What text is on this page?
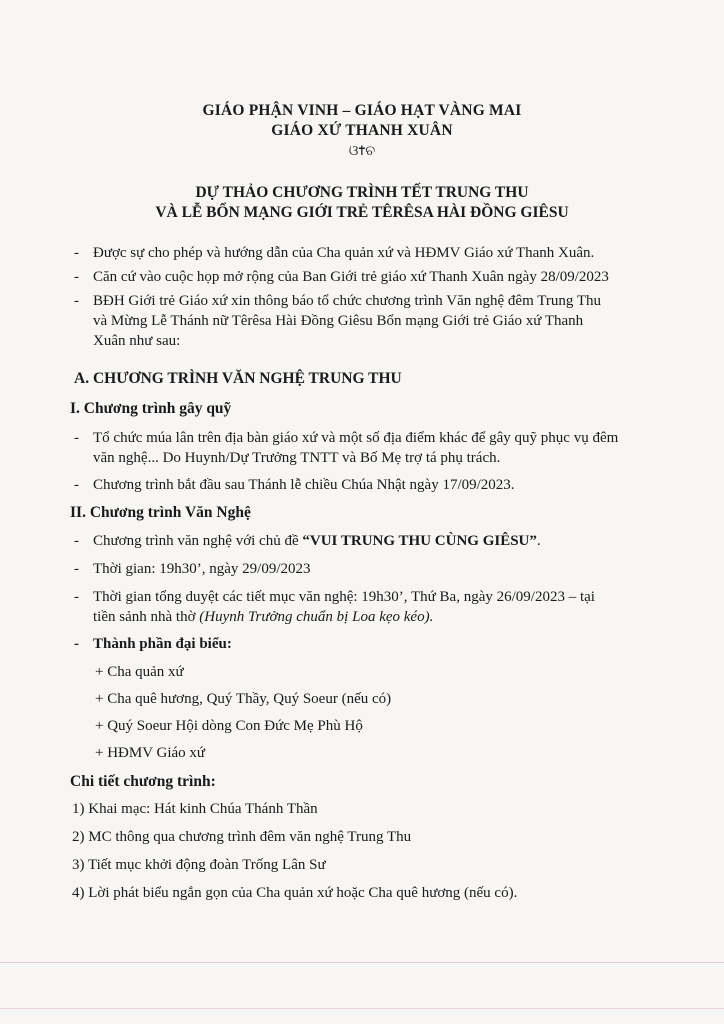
GIÁO PHẬN VINH – GIÁO HẠT VÀNG MAI
GIÁO XỨ THANH XUÂN
ଓ✝ଚ
DỰ THẢO CHƯƠNG TRÌNH TẾT TRUNG THU
VÀ LỄ BỔN MẠNG GIỚI TRẺ TÊRÊSA HÀI ĐỒNG GIÊSU
- Được sự cho phép và hướng dẫn của Cha quản xứ và HĐMV Giáo xứ Thanh Xuân.
- Căn cứ vào cuộc họp mở rộng của Ban Giới trẻ giáo xứ Thanh Xuân ngày 28/09/2023
- BĐH Giới trẻ Giáo xứ xin thông báo tổ chức chương trình Văn nghệ đêm Trung Thu
và Mừng Lễ Thánh nữ Têrêsa Hài Đồng Giêsu Bổn mạng Giới trẻ Giáo xứ Thanh
Xuân như sau:
A. CHƯƠNG TRÌNH VĂN NGHỆ TRUNG THU
I. Chương trình gây quỹ
- Tổ chức múa lân trên địa bàn giáo xứ và một số địa điểm khác để gây quỹ phục vụ đêm
văn nghệ... Do Huynh/Dự Trưởng TNTT và Bố Mẹ trợ tá phụ trách.
- Chương trình bắt đầu sau Thánh lễ chiều Chúa Nhật ngày 17/09/2023.
II. Chương trình Văn Nghệ
- Chương trình văn nghệ với chủ đề “VUI TRUNG THU CÙNG GIÊSU”.
- Thời gian: 19h30’, ngày 29/09/2023
- Thời gian tổng duyệt các tiết mục văn nghệ: 19h30’, Thứ Ba, ngày 26/09/2023 – tại
tiền sảnh nhà thờ (Huynh Trưởng chuẩn bị Loa kẹo kéo).
- Thành phần đại biểu:
+ Cha quản xứ
+ Cha quê hương, Quý Thầy, Quý Soeur (nếu có)
+ Quý Soeur Hội dòng Con Đức Mẹ Phù Hộ
+ HĐMV Giáo xứ
Chi tiết chương trình:
1) Khai mạc: Hát kinh Chúa Thánh Thần
2) MC thông qua chương trình đêm văn nghệ Trung Thu
3) Tiết mục khởi động đoàn Trống Lân Sư
4) Lời phát biểu ngắn gọn của Cha quản xứ hoặc Cha quê hương (nếu có).
